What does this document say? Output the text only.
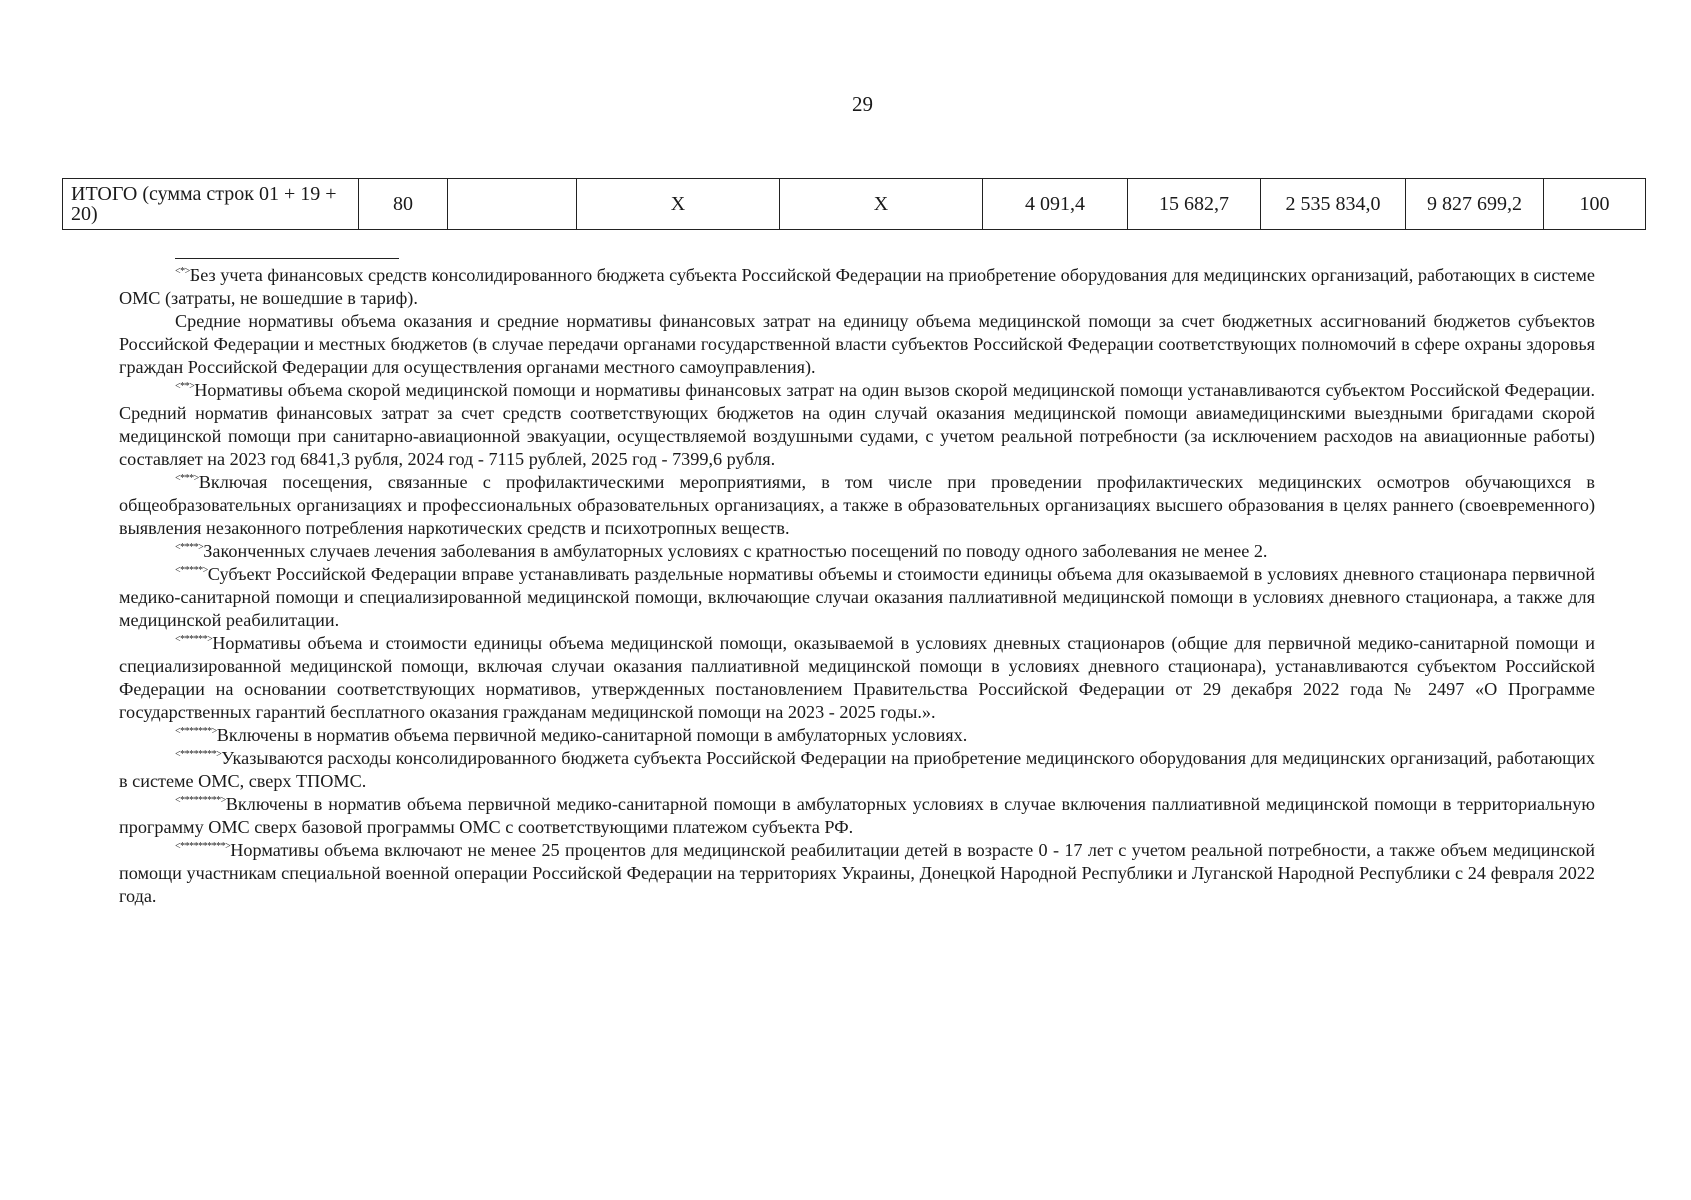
29
ИТОГО (сумма строк 01 + 19 + 20)	80		Х	Х	4 091,4	15 682,7	2 535 834,0	9 827 699,2	100

<*>Без учета финансовых средств консолидированного бюджета субъекта Российской Федерации на приобретение оборудования для медицинских организаций, работающих в системе ОМС (затраты, не вошедшие в тариф).

Средние нормативы объема оказания и средние нормативы финансовых затрат на единицу объема медицинской помощи за счет бюджетных ассигнований бюджетов субъектов Российской Федерации и местных бюджетов (в случае передачи органами государственной власти субъектов Российской Федерации соответствующих полномочий в сфере охраны здоровья граждан Российской Федерации для осуществления органами местного самоуправления).

<**>Нормативы объема скорой медицинской помощи и нормативы финансовых затрат на один вызов скорой медицинской помощи устанавливаются субъектом Российской Федерации. Средний норматив финансовых затрат за счет средств соответствующих бюджетов на один случай оказания медицинской помощи авиамедицинскими выездными бригадами скорой медицинской помощи при санитарно-авиационной эвакуации, осуществляемой воздушными судами, с учетом реальной потребности (за исключением расходов на авиационные работы) составляет на 2023 год 6841,3 рубля, 2024 год - 7115 рублей, 2025 год - 7399,6 рубля.

<***>Включая посещения, связанные с профилактическими мероприятиями, в том числе при проведении профилактических медицинских осмотров обучающихся в общеобразовательных организациях и профессиональных образовательных организациях, а также в образовательных организациях высшего образования в целях раннего (своевременного) выявления незаконного потребления наркотических средств и психотропных веществ.

<****>Законченных случаев лечения заболевания в амбулаторных условиях с кратностью посещений по поводу одного заболевания не менее 2.

<*****>Субъект Российской Федерации вправе устанавливать раздельные нормативы объемы и стоимости единицы объема для оказываемой в условиях дневного стационара первичной медико-санитарной помощи и специализированной медицинской помощи, включающие случаи оказания паллиативной медицинской помощи в условиях дневного стационара, а также для медицинской реабилитации.

<******>Нормативы объема и стоимости единицы объема медицинской помощи, оказываемой в условиях дневных стационаров (общие для первичной медико-санитарной помощи и специализированной медицинской помощи, включая случаи оказания паллиативной медицинской помощи в условиях дневного стационара), устанавливаются субъектом Российской Федерации на основании соответствующих нормативов, утвержденных постановлением Правительства Российской Федерации от 29 декабря 2022 года № 2497 «О Программе государственных гарантий бесплатного оказания гражданам медицинской помощи на 2023 - 2025 годы.».

<*******>Включены в норматив объема первичной медико-санитарной помощи в амбулаторных условиях.

<********>Указываются расходы консолидированного бюджета субъекта Российской Федерации на приобретение медицинского оборудования для медицинских организаций, работающих в системе ОМС, сверх ТПОМС.

<*********>Включены в норматив объема первичной медико-санитарной помощи в амбулаторных условиях в случае включения паллиативной медицинской помощи в территориальную программу ОМС сверх базовой программы ОМС с соответствующими платежом субъекта РФ.

<**********>Нормативы объема включают не менее 25 процентов для медицинской реабилитации детей в возрасте 0 - 17 лет с учетом реальной потребности, а также объем медицинской помощи участникам специальной военной операции Российской Федерации на территориях Украины, Донецкой Народной Республики и Луганской Народной Республики с 24 февраля 2022 года.
